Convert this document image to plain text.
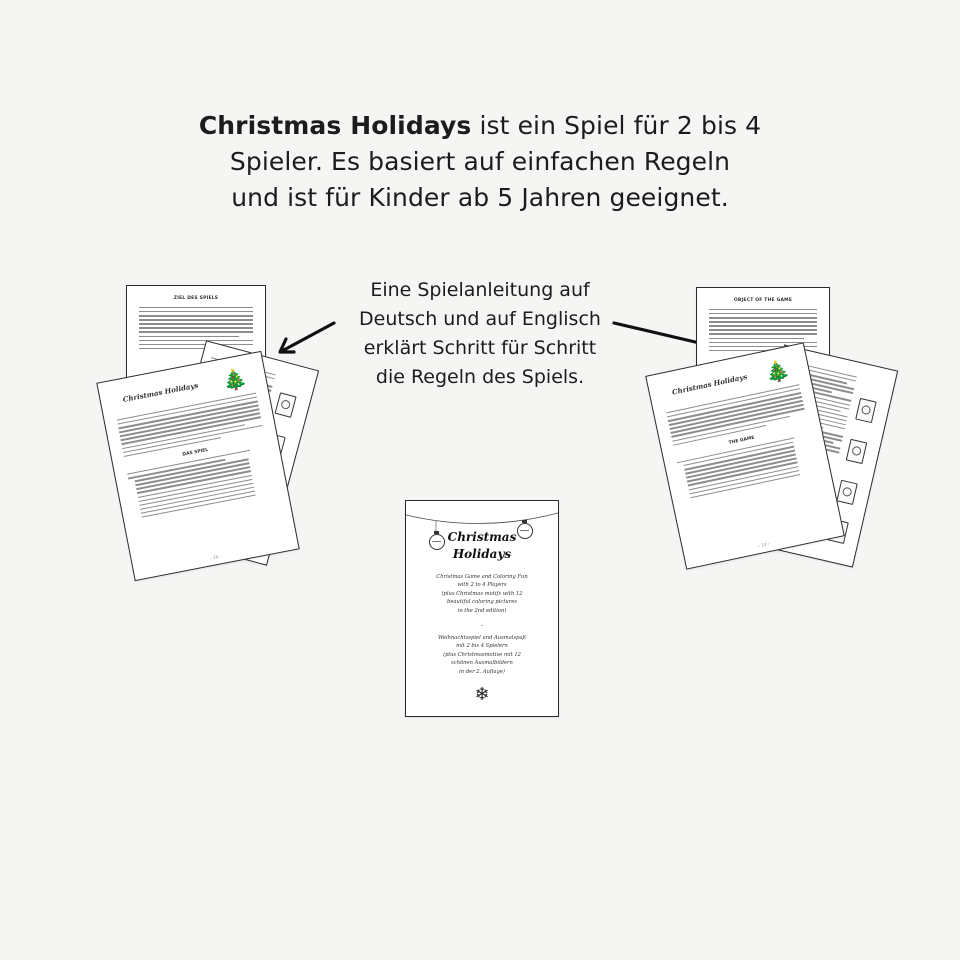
Christmas Holidays ist ein Spiel für 2 bis 4
Spieler. Es basiert auf einfachen Regeln
und ist für Kinder ab 5 Jahren geeignet.
Eine Spielanleitung auf
Deutsch und auf Englisch
erklärt Schritt für Schritt
die Regeln des Spiels.
ZIEL DES SPIELS
Christmas Holidays	🎄
DAS SPIEL
– 12 –
OBJECT OF THE GAME
Christmas Holidays 🎄
THE GAME
– 13 –
Christmas
Holidays
Christmas Game and Coloring Fun
with 2 to 4 Players
(plus Christmas motifs with 12
beautiful coloring pictures
in the 2nd edition)
–
Weihnachtsspiel und Ausmalspaß
mit 2 bis 4 Spielern
(plus Christmasmotive mit 12
schönen Ausmalbildern
in der 2. Auflage)
❄
